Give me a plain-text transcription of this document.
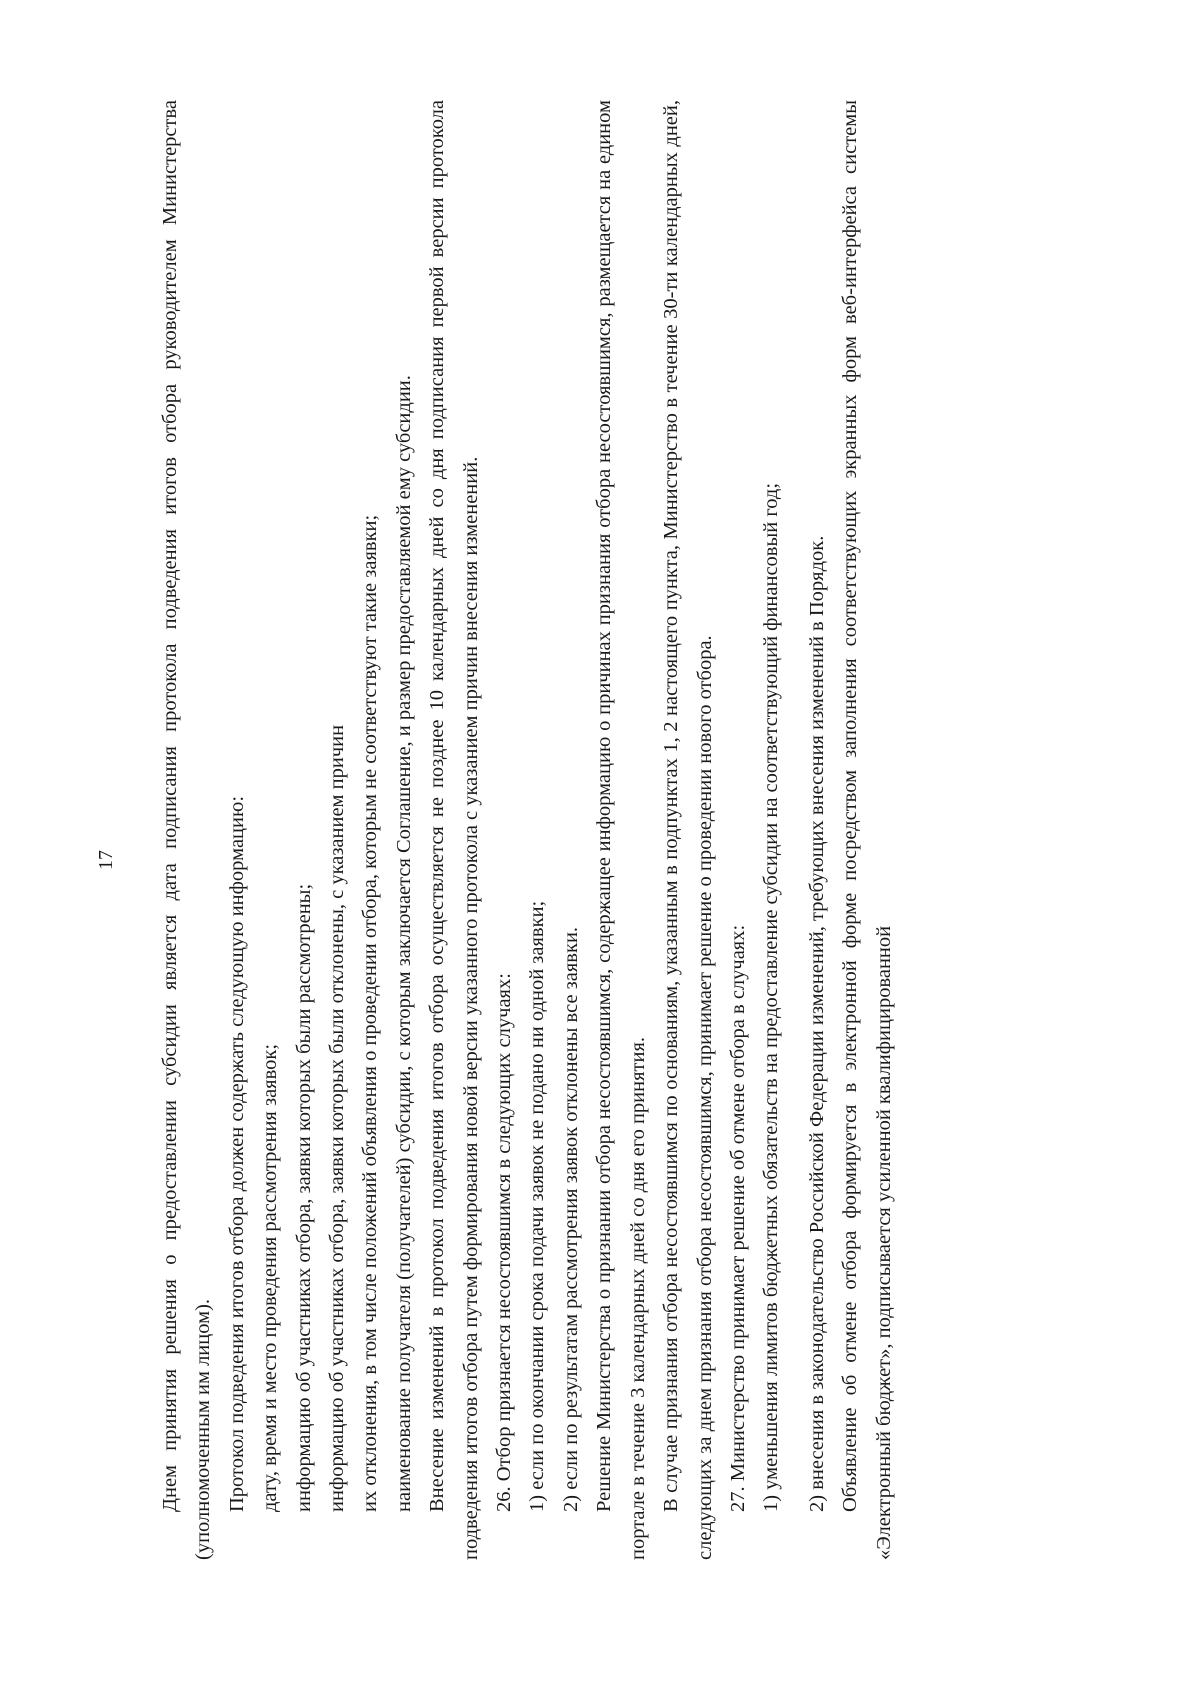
17 Днем принятия решения о предоставлении субсидии является дата подписания протокола подведения итогов отбора руководителем Министерства (уполномоченным им лицом). Протокол подведения итогов отбора должен содержать следующую информацию: дату, время и место проведения рассмотрения заявок; информацию об участниках отбора, заявки которых были рассмотрены; информацию об участниках отбора, заявки которых были отклонены, с указанием причин их отклонения, в том числе положений объявления о проведении отбора, которым не соответствуют такие заявки; наименование получателя (получателей) субсидии, с которым заключается Соглашение, и размер предоставляемой ему субсидии. Внесение изменений в протокол подведения итогов отбора осуществляется не позднее 10 календарных дней со дня подписания первой версии протокола подведения итогов отбора путем формирования новой версии указанного протокола с указанием причин внесения изменений. 26. Отбор признается несостоявшимся в следующих случаях: 1) если по окончании срока подачи заявок не подано ни одной заявки; 2) если по результатам рассмотрения заявок отклонены все заявки. Решение Министерства о признании отбора несостоявшимся, содержащее информацию о причинах признания отбора несостоявшимся, размещается на едином портале в течение 3 календарных дней со дня его принятия. В случае признания отбора несостоявшимся по основаниям, указанным в подпунктах 1, 2 настоящего пункта, Министерство в течение 30-ти календарных дней, следующих за днем признания отбора несостоявшимся, принимает решение о проведении нового отбора. 27. Министерство принимает решение об отмене отбора в случаях: 1) уменьшения лимитов бюджетных обязательств на предоставление субсидии на соответствующий финансовый год;	2) внесения в законодательство Российской Федерации изменений, требующих внесения изменений в Порядок. Объявление об отмене отбора формируется в электронной форме посредством заполнения соответствующих экранных форм веб-интерфейса системы «Электронный бюджет», подписывается усиленной квалифицированной
